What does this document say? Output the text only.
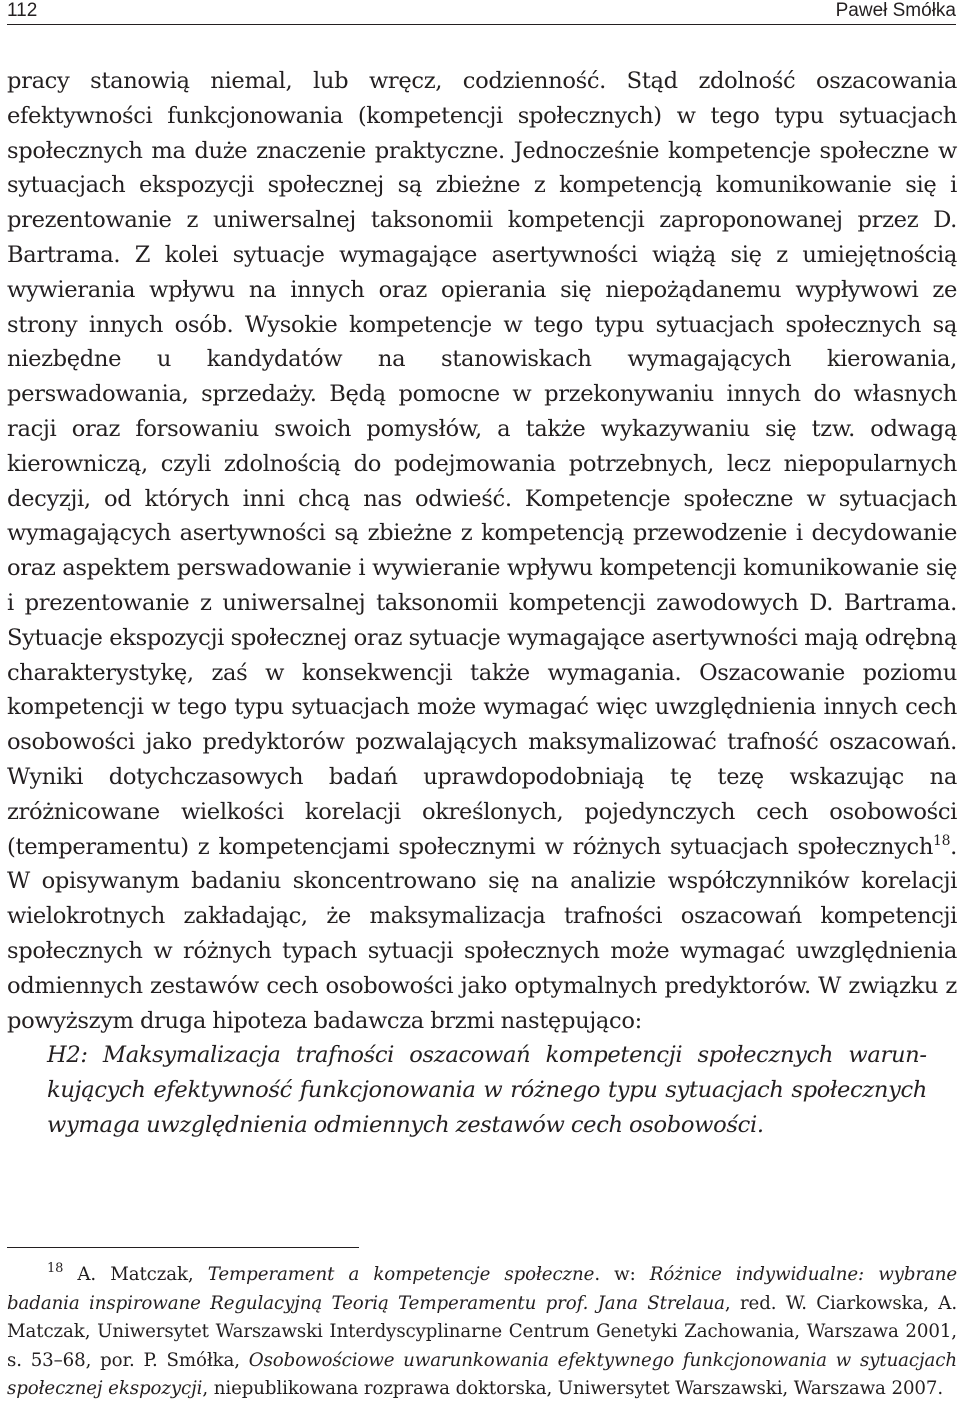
112	Paweł Smółka

pracy stanowią niemal, lub wręcz, codzienność. Stąd zdolność oszacowania efektywności funkcjonowania (kompetencji społecznych) w tego typu sytuacjach społecznych ma duże znaczenie praktyczne. Jednocześnie kompetencje społeczne w sytuacjach ekspozycji społecznej są zbieżne z kompetencją komunikowanie się i prezentowanie z uniwersalnej taksonomii kompetencji zaproponowanej przez D. Bartrama. Z kolei sytuacje wymagające asertywności wiążą się z umiejętnością wywierania wpływu na innych oraz opierania się niepożądanemu wypływowi ze strony innych osób. Wysokie kompetencje w tego typu sytuacjach społecznych są niezbędne u kandydatów na stanowiskach wymagających kierowania, perswadowania, sprzedaży. Będą pomocne w przekonywaniu innych do własnych racji oraz forsowaniu swoich pomysłów, a także wykazywaniu się tzw. odwagą kierowniczą, czyli zdolnością do podejmowania potrzebnych, lecz niepopularnych decyzji, od których inni chcą nas odwieść. Kompetencje społeczne w sytuacjach wymagających asertywności są zbieżne z kompetencją przewodzenie i decydowanie oraz aspektem perswadowanie i wywieranie wpływu kompetencji komunikowanie się i prezentowanie z uniwersalnej taksonomii kompetencji zawodowych D. Bartrama. Sytuacje ekspozycji społecznej oraz sytuacje wymagające asertywności mają odrębną charakterystykę, zaś w konsekwencji także wymagania. Oszacowanie poziomu kompetencji w tego typu sytuacjach może wymagać więc uwzględnienia innych cech osobowości jako predyktorów pozwalających maksymalizować trafność oszacowań. Wyniki dotychczasowych badań uprawdopodobniają tę tezę wskazując na zróżnicowane wielkości korelacji określonych, pojedynczych cech osobowości (temperamentu) z kompetencjami społecznymi w różnych sytuacjach społecznych$^{18}$. W opisywanym badaniu skoncentrowano się na analizie współczynników korelacji wielokrotnych zakładając, że maksymalizacja trafności oszacowań kompetencji społecznych w różnych typach sytuacji społecznych może wymagać uwzględnienia odmiennych zestawów cech osobowości jako optymalnych predyktorów. W związku z powyższym druga hipoteza badawcza brzmi następująco:

H2: Maksymalizacja trafności oszacowań kompetencji społecznych warunkujących efektywność funkcjonowania w różnego typu sytuacjach społecznych wymaga uwzględnienia odmiennych zestawów cech osobowości.

$^{18}$ A. Matczak, Temperament a kompetencje społeczne. w: Różnice indywidualne: wybrane badania inspirowane Regulacyjną Teorią Temperamentu prof. Jana Strelaua, red. W. Ciarkowska, A. Matczak, Uniwersytet Warszawski Interdyscyplinarne Centrum Genetyki Zachowania, Warszawa 2001, s. 53–68, por. P. Smółka, Osobowościowe uwarunkowania efektywnego funkcjonowania w sytuacjach społecznej ekspozycji, niepublikowana rozprawa doktorska, Uniwersytet Warszawski, Warszawa 2007.
